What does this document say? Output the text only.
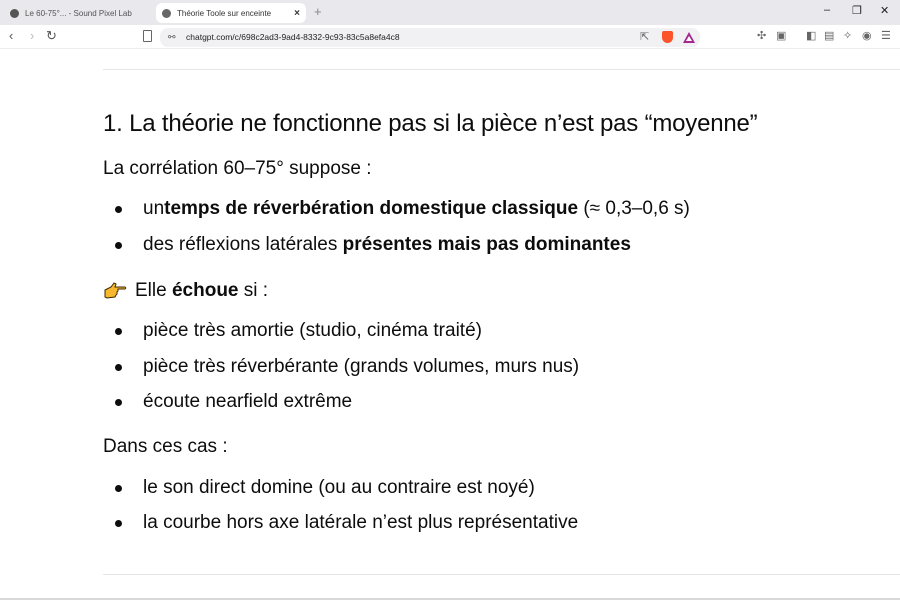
Le 60-75°... - Sound Pixel Lab	Théorie Toole sur enceinte × +	– ❐ ✕
‹ › ↻	⚯ chatgpt.com/c/698c2ad3-9ad4-8332-9c93-83c5a8efa4c8	⇱	✣ ▣ ◧ ▤ ✧ ◉ ☰
1. La théorie ne fonctionne pas si la pièce n’est pas “moyenne”
La corrélation 60–75° suppose :
un temps de réverbération domestique classique (≈ 0,3–0,6 s)
des réflexions latérales présentes mais pas dominantes
Elle échoue si :
pièce très amortie (studio, cinéma traité)
pièce très réverbérante (grands volumes, murs nus)
écoute nearfield extrême
Dans ces cas :
le son direct domine (ou au contraire est noyé)
la courbe hors axe latérale n’est plus représentative
